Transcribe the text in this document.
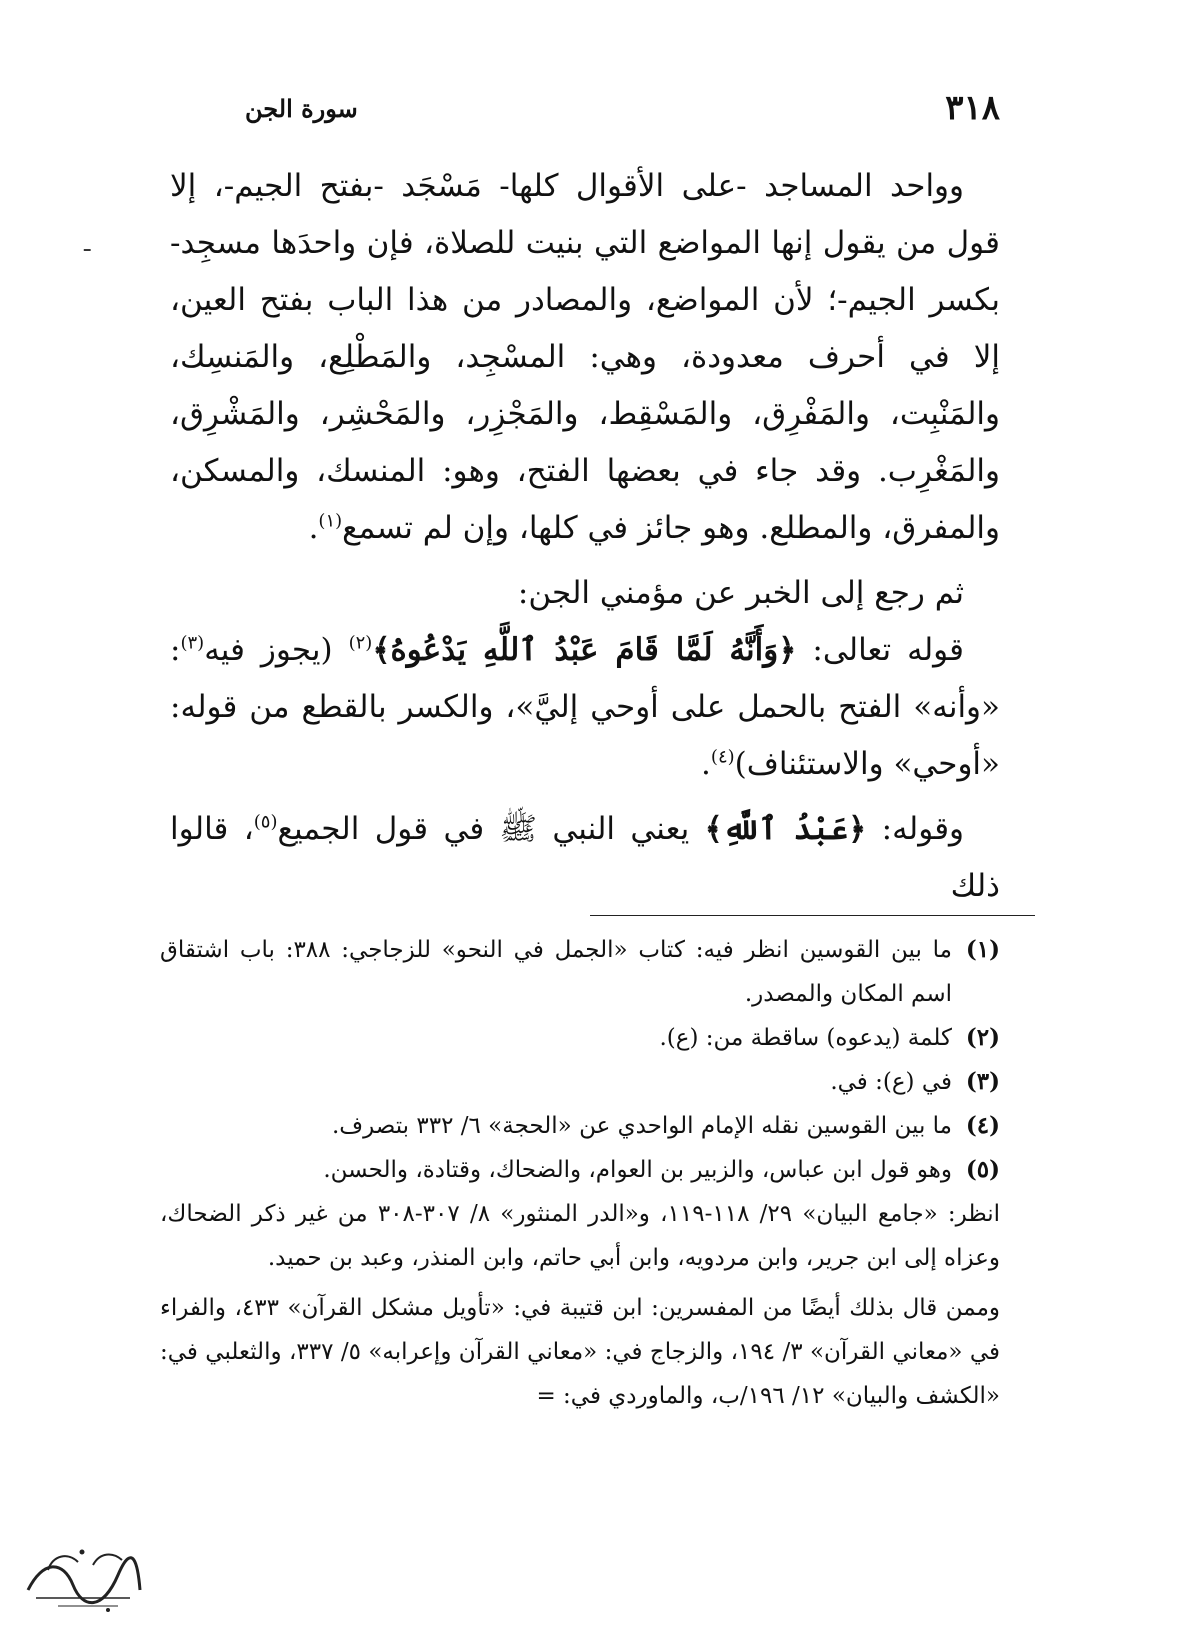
٣١٨
سورة الجن
ـ

وواحد المساجد -على الأقوال كلها- مَسْجَد -بفتح الجيم-، إلا قول من يقول إنها المواضع التي بنيت للصلاة، فإن واحدَها مسجِد- بكسر الجيم-؛ لأن المواضع، والمصادر من هذا الباب بفتح العين، إلا في أحرف معدودة، وهي: المسْجِد، والمَطْلِع، والمَنسِك، والمَنْبِت، والمَفْرِق، والمَسْقِط، والمَجْزِر، والمَحْشِر، والمَشْرِق، والمَغْرِب. وقد جاء في بعضها الفتح، وهو: المنسك، والمسكن، والمفرق، والمطلع. وهو جائز في كلها، وإن لم تسمع$^{(١)}$.

ثم رجع إلى الخبر عن مؤمني الجن:

قوله تعالى: ﴿وَأَنَّهُ لَمَّا قَامَ عَبْدُ ٱللَّهِ يَدْعُوهُ﴾$^{(٢)}$ (يجوز فيه$^{(٣)}$: «وأنه» الفتح بالحمل على أوحي إليَّ»، والكسر بالقطع من قوله: «أوحي» والاستئناف)$^{(٤)}$.

وقوله: ﴿عَبْدُ ٱللَّهِ﴾ يعني النبي ﷺ في قول الجميع$^{(٥)}$، قالوا ذلك

(١)
ما بين القوسين انظر فيه: كتاب «الجمل في النحو» للزجاجي: ٣٨٨: باب اشتقاق اسم المكان والمصدر.
(٢)
كلمة (يدعوه) ساقطة من: (ع).
(٣)
في (ع): في.
(٤)
ما بين القوسين نقله الإمام الواحدي عن «الحجة» ٦/ ٣٣٢ بتصرف.
(٥)
وهو قول ابن عباس، والزبير بن العوام، والضحاك، وقتادة، والحسن.

انظر: «جامع البيان» ٢٩/ ١١٨-١١٩، و«الدر المنثور» ٨/ ٣٠٧-٣٠٨ من غير ذكر الضحاك، وعزاه إلى ابن جرير، وابن مردويه، وابن أبي حاتم، وابن المنذر، وعبد بن حميد.

وممن قال بذلك أيضًا من المفسرين: ابن قتيبة في: «تأويل مشكل القرآن» ٤٣٣، والفراء في «معاني القرآن» ٣/ ١٩٤، والزجاج في: «معاني القرآن وإعرابه» ٥/ ٣٣٧، والثعلبي في: «الكشف والبيان» ١٢/ ١٩٦/ب، والماوردي في: =
